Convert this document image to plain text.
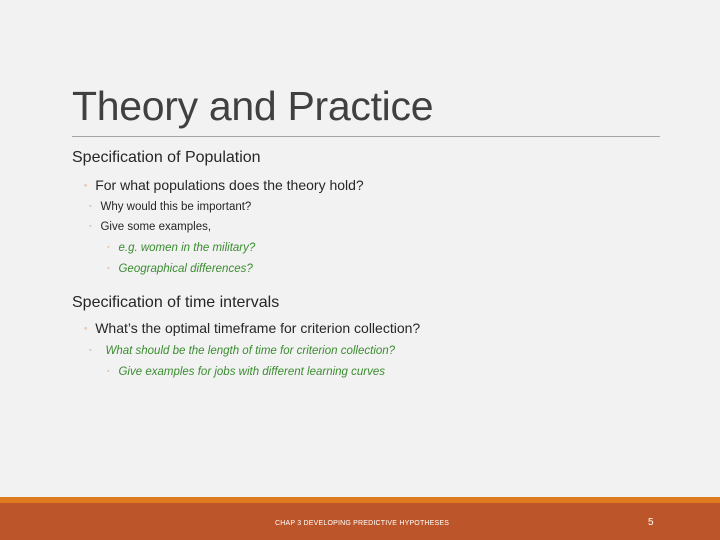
Theory and Practice
Specification of Population
◦ For what populations does the theory hold?
◦ Why would this be important?
◦ Give some examples,
◦ e.g. women in the military?
◦ Geographical differences?
Specification of time intervals
◦ What’s the optimal timeframe for criterion collection?
◦ What should be the length of time for criterion collection?
◦ Give examples for jobs with different learning curves
CHAP 3 DEVELOPING PREDICTIVE HYPOTHESES	5
